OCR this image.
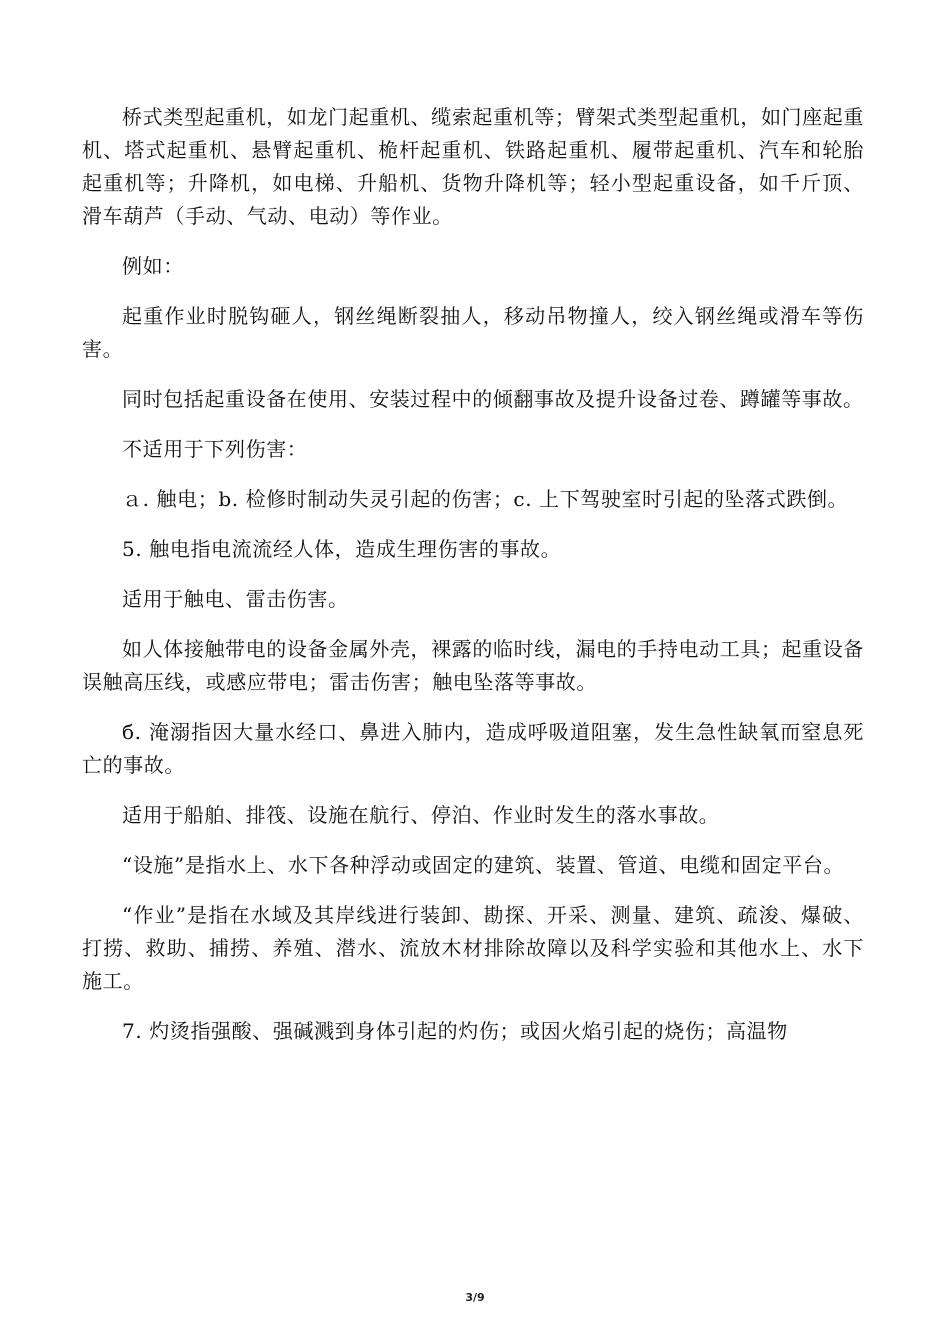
桥式类型起重机，如龙门起重机、缆索起重机等；臂架式类型起重机，如门座起重机、塔式起重机、悬臂起重机、桅杆起重机、铁路起重机、履带起重机、汽车和轮胎起重机等；升降机，如电梯、升船机、货物升降机等；轻小型起重设备，如千斤顶、滑车葫芦（手动、气动、电动）等作业。

例如：

起重作业时脱钩砸人，钢丝绳断裂抽人，移动吊物撞人，绞入钢丝绳或滑车等伤害。

同时包括起重设备在使用、安装过程中的倾翻事故及提升设备过卷、蹲罐等事故。

不适用于下列伤害：

ａ. 触电；b. 检修时制动失灵引起的伤害；c. 上下驾驶室时引起的坠落式跌倒。

5. 触电指电流流经人体，造成生理伤害的事故。

适用于触电、雷击伤害。

如人体接触带电的设备金属外壳，裸露的临时线，漏电的手持电动工具；起重设备误触高压线，或感应带电；雷击伤害；触电坠落等事故。

б. 淹溺指因大量水经口、鼻进入肺内，造成呼吸道阻塞，发生急性缺氧而窒息死亡的事故。

适用于船舶、排筏、设施在航行、停泊、作业时发生的落水事故。

“设施”是指水上、水下各种浮动或固定的建筑、装置、管道、电缆和固定平台。

“作业”是指在水域及其岸线进行装卸、勘探、开采、测量、建筑、疏浚、爆破、打捞、救助、捕捞、养殖、潜水、流放木材排除故障以及科学实验和其他水上、水下施工。

7. 灼烫指强酸、强碱溅到身体引起的灼伤；或因火焰引起的烧伤；高温物

3/9
